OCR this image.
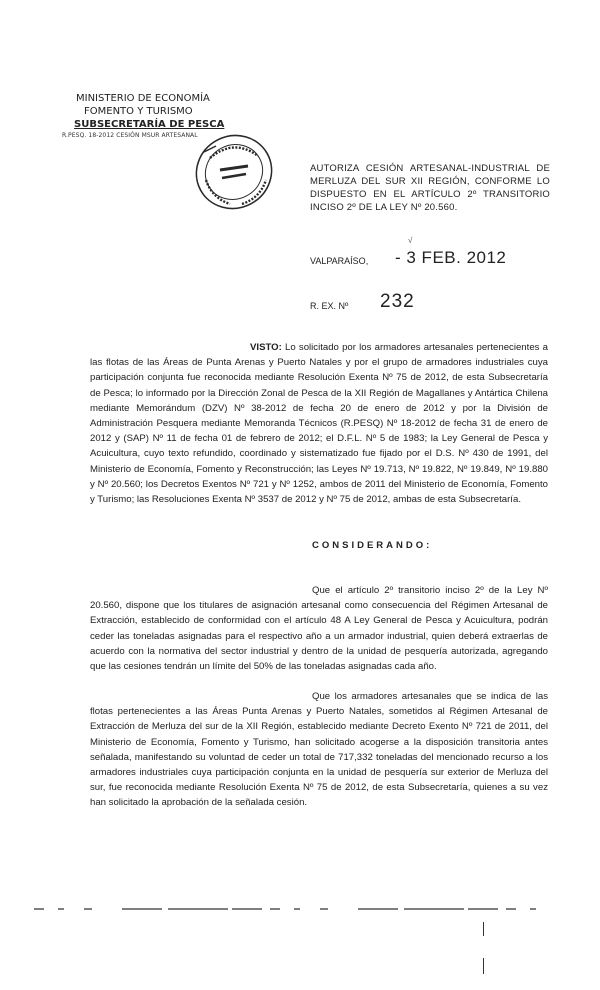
MINISTERIO DE ECONOMÍA
FOMENTO Y TURISMO
SUBSECRETARÍA DE PESCA
R.PESQ. 18-2012 CESIÓN MSUR ARTESANAL
AUTORIZA CESIÓN ARTESANAL-INDUSTRIAL DE MERLUZA DEL SUR XII REGIÓN, CONFORME LO DISPUESTO EN EL ARTÍCULO 2º TRANSITORIO INCISO 2º DE LA LEY Nº 20.560.
√
VALPARAÍSO, - 3 FEB. 2012
R. EX. Nº 232

VISTO: Lo solicitado por los armadores artesanales pertenecientes a las flotas de las Áreas de Punta Arenas y Puerto Natales y por el grupo de armadores industriales cuya participación conjunta fue reconocida mediante Resolución Exenta Nº 75 de 2012, de esta Subsecretaría de Pesca; lo informado por la Dirección Zonal de Pesca de la XII Región de Magallanes y Antártica Chilena mediante Memorándum (DZV) Nº 38-2012 de fecha 20 de enero de 2012 y por la División de Administración Pesquera mediante Memoranda Técnicos (R.PESQ) Nº 18-2012 de fecha 31 de enero de 2012 y (SAP) Nº 11 de fecha 01 de febrero de 2012; el D.F.L. Nº 5 de 1983; la Ley General de Pesca y Acuicultura, cuyo texto refundido, coordinado y sistematizado fue fijado por el D.S. Nº 430 de 1991, del Ministerio de Economía, Fomento y Reconstrucción; las Leyes Nº 19.713, Nº 19.822, Nº 19.849, Nº 19.880 y Nº 20.560; los Decretos Exentos Nº 721 y Nº 1252, ambos de 2011 del Ministerio de Economía, Fomento y Turismo; las Resoluciones Exenta Nº 3537 de 2012 y Nº 75 de 2012, ambas de esta Subsecretaría.

CONSIDERANDO:

Que el artículo 2º transitorio inciso 2º de la Ley Nº 20.560, dispone que los titulares de asignación artesanal como consecuencia del Régimen Artesanal de Extracción, establecido de conformidad con el artículo 48 A Ley General de Pesca y Acuicultura, podrán ceder las toneladas asignadas para el respectivo año a un armador industrial, quien deberá extraerlas de acuerdo con la normativa del sector industrial y dentro de la unidad de pesquería autorizada, agregando que las cesiones tendrán un límite del 50% de las toneladas asignadas cada año.

Que los armadores artesanales que se indica de las flotas pertenecientes a las Áreas Punta Arenas y Puerto Natales, sometidos al Régimen Artesanal de Extracción de Merluza del sur de la XII Región, establecido mediante Decreto Exento Nº 721 de 2011, del Ministerio de Economía, Fomento y Turismo, han solicitado acogerse a la disposición transitoria antes señalada, manifestando su voluntad de ceder un total de 717,332 toneladas del mencionado recurso a los armadores industriales cuya participación conjunta en la unidad de pesquería sur exterior de Merluza del sur, fue reconocida mediante Resolución Exenta Nº 75 de 2012, de esta Subsecretaría, quienes a su vez han solicitado la aprobación de la señalada cesión.
